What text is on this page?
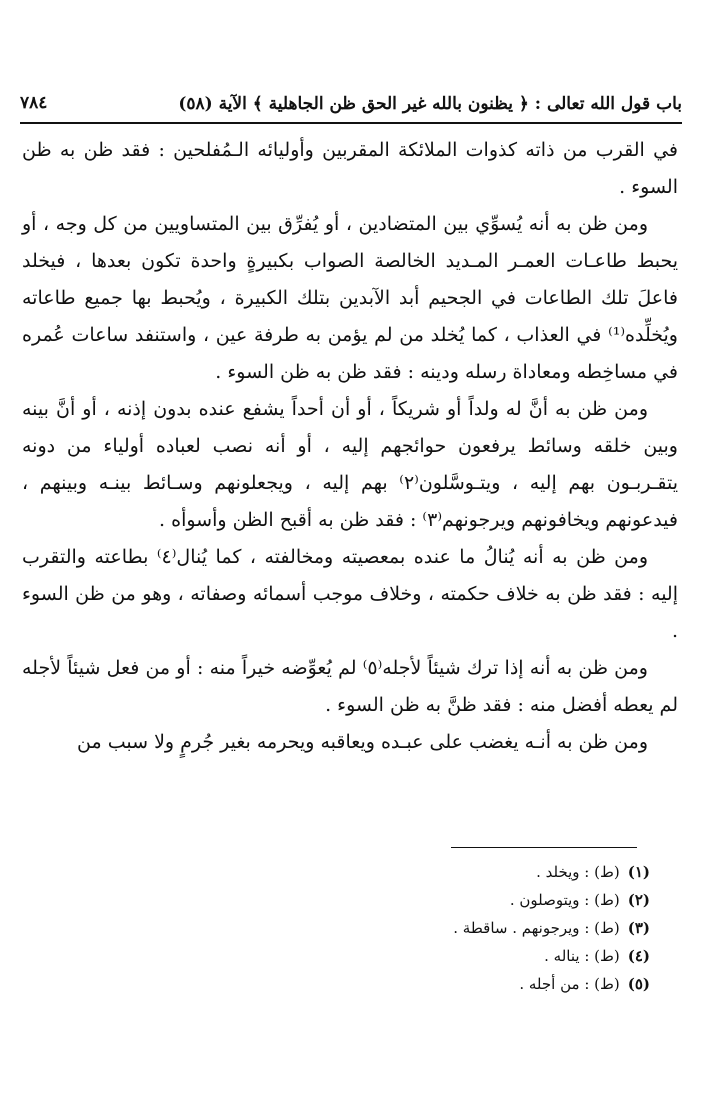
باب قول الله تعالى : ﴿ يظنون بالله غير الحق ظن الجاهلية ﴾ الآية (٥٨)
٧٨٤

في القرب من ذاته كذوات الملائكة المقربين وأوليائه الـمُفلحين : فقد ظن به ظن السوء .

ومن ظن به أنه يُسوِّي بين المتضادين ، أو يُفرِّق بين المتساويين من كل وجه ، أو يحبط طاعـات العمـر المـديد الخالصة الصواب بكبيرةٍ واحدة تكون بعدها ، فيخلد فاعلَ تلك الطاعات في الجحيم أبد الآبدين بتلك الكبيرة ، ويُحبط بها جميع طاعاته ويُخلِّده⁽¹⁾ في العذاب ، كما يُخلد من لم يؤمن به طرفة عين ، واستنفد ساعات عُمره في مساخِطه ومعاداة رسله ودينه : فقد ظن به ظن السوء .

ومن ظن به أنَّ له ولداً أو شريكاً ، أو أن أحداً يشفع عنده بدون إذنه ، أو أنَّ بينه وبين خلقه وسائط يرفعون حوائجهم إليه ، أو أنه نصب لعباده أولياء من دونه يتقـربـون بهم إليه ، ويتـوسَّلون⁽٢⁾ بهم إليه ، ويجعلونهم وسـائط بينـه وبينهم ، فيدعونهم ويخافونهم ويرجونهم⁽٣⁾ : فقد ظن به أقبح الظن وأسوأه .

ومن ظن به أنه يُنالُ ما عنده بمعصيته ومخالفته ، كما يُنال⁽٤⁾ بطاعته والتقرب إليه : فقد ظن به خلاف حكمته ، وخلاف موجب أسمائه وصفاته ، وهو من ظن السوء .

ومن ظن به أنه إذا ترك شيئاً لأجله⁽٥⁾ لم يُعوِّضه خيراً منه : أو من فعل شيئاً لأجله لم يعطه أفضل منه : فقد ظنَّ به ظن السوء .

ومن ظن به أنـه يغضب على عبـده ويعاقبه ويحرمه بغير جُرمٍ ولا سبب من

(١)(ط) : ويخلد .
(٢)(ط) : ويتوصلون .
(٣)(ط) : ويرجونهم . ساقطة .
(٤)(ط) : يناله .
(٥)(ط) : من أجله .
